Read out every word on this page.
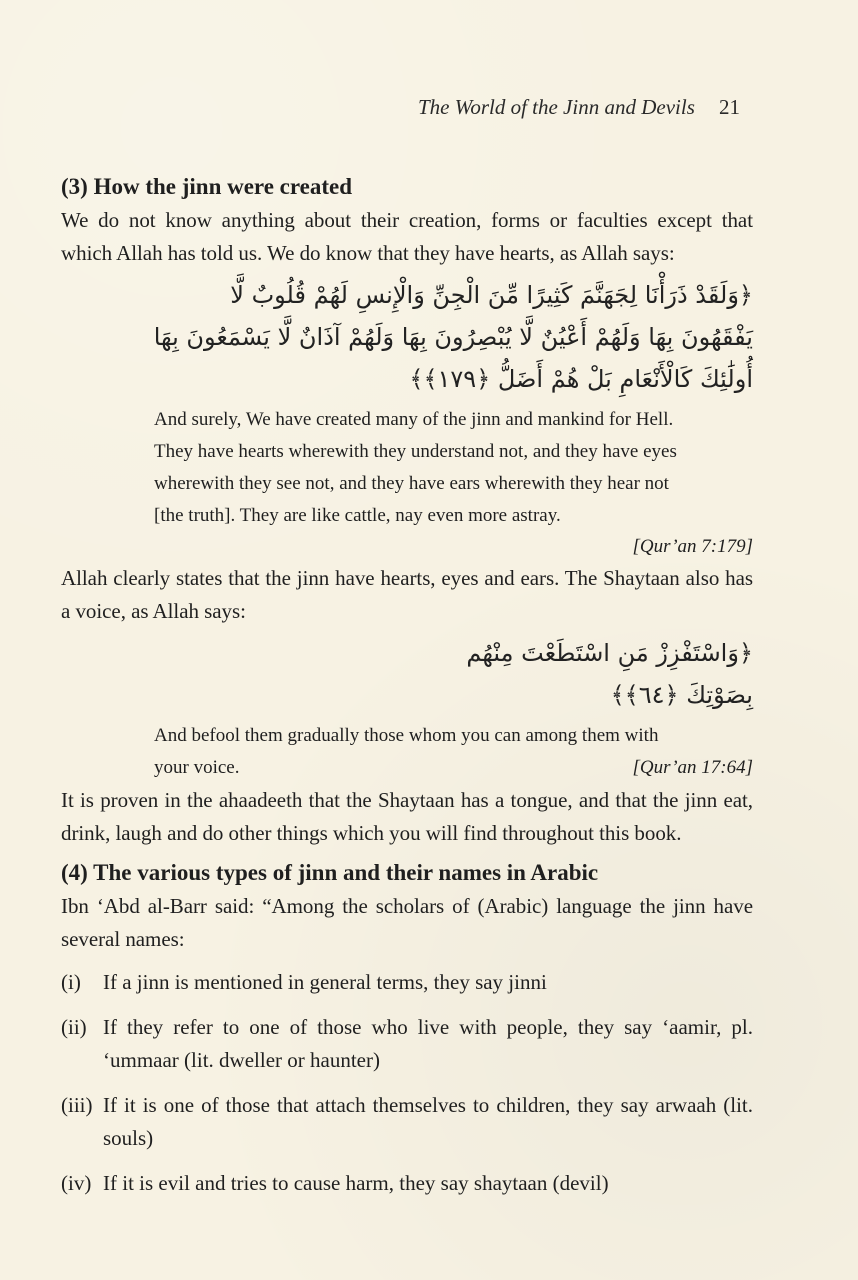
The World of the Jinn and Devils 21
(3) How the jinn were created

We do not know anything about their creation, forms or faculties except that which Allah has told us. We do know that they have hearts, as Allah says:

﴿وَلَقَدْ ذَرَأْنَا لِجَهَنَّمَ كَثِيرًا مِّنَ الْجِنِّ وَالْإِنسِ لَهُمْ قُلُوبٌ لَّا يَفْقَهُونَ بِهَا وَلَهُمْ أَعْيُنٌ لَّا يُبْصِرُونَ بِهَا وَلَهُمْ آذَانٌ لَّا يَسْمَعُونَ بِهَا أُولَٰئِكَ كَالْأَنْعَامِ بَلْ هُمْ أَضَلُّ ﴿١٧٩﴾﴾
And surely, We have created many of the jinn and mankind for Hell.
They have hearts wherewith they understand not, and they have eyes
wherewith they see not, and they have ears wherewith they hear not
[the truth]. They are like cattle, nay even more astray.

[Qur’an 7:179]

Allah clearly states that the jinn have hearts, eyes and ears. The Shaytaan also has a voice, as Allah says:

﴿وَاسْتَفْزِزْ مَنِ اسْتَطَعْتَ مِنْهُم بِصَوْتِكَ ﴿٦٤﴾﴾
And befool them gradually those whom you can among them with
your voice.	[Qur’an 17:64]

It is proven in the ahaadeeth that the Shaytaan has a tongue, and that the jinn eat, drink, laugh and do other things which you will find throughout this book.

(4) The various types of jinn and their names in Arabic

Ibn ‘Abd al-Barr said: “Among the scholars of (Arabic) language the jinn have several names:

(i)	If a jinn is mentioned in general terms, they say jinni
(ii) If they refer to one of those who live with people, they say ‘aamir, pl. ‘ummaar (lit. dweller or haunter)
(iii) If it is one of those that attach themselves to children, they say arwaah (lit. souls)
(iv) If it is evil and tries to cause harm, they say shaytaan (devil)
